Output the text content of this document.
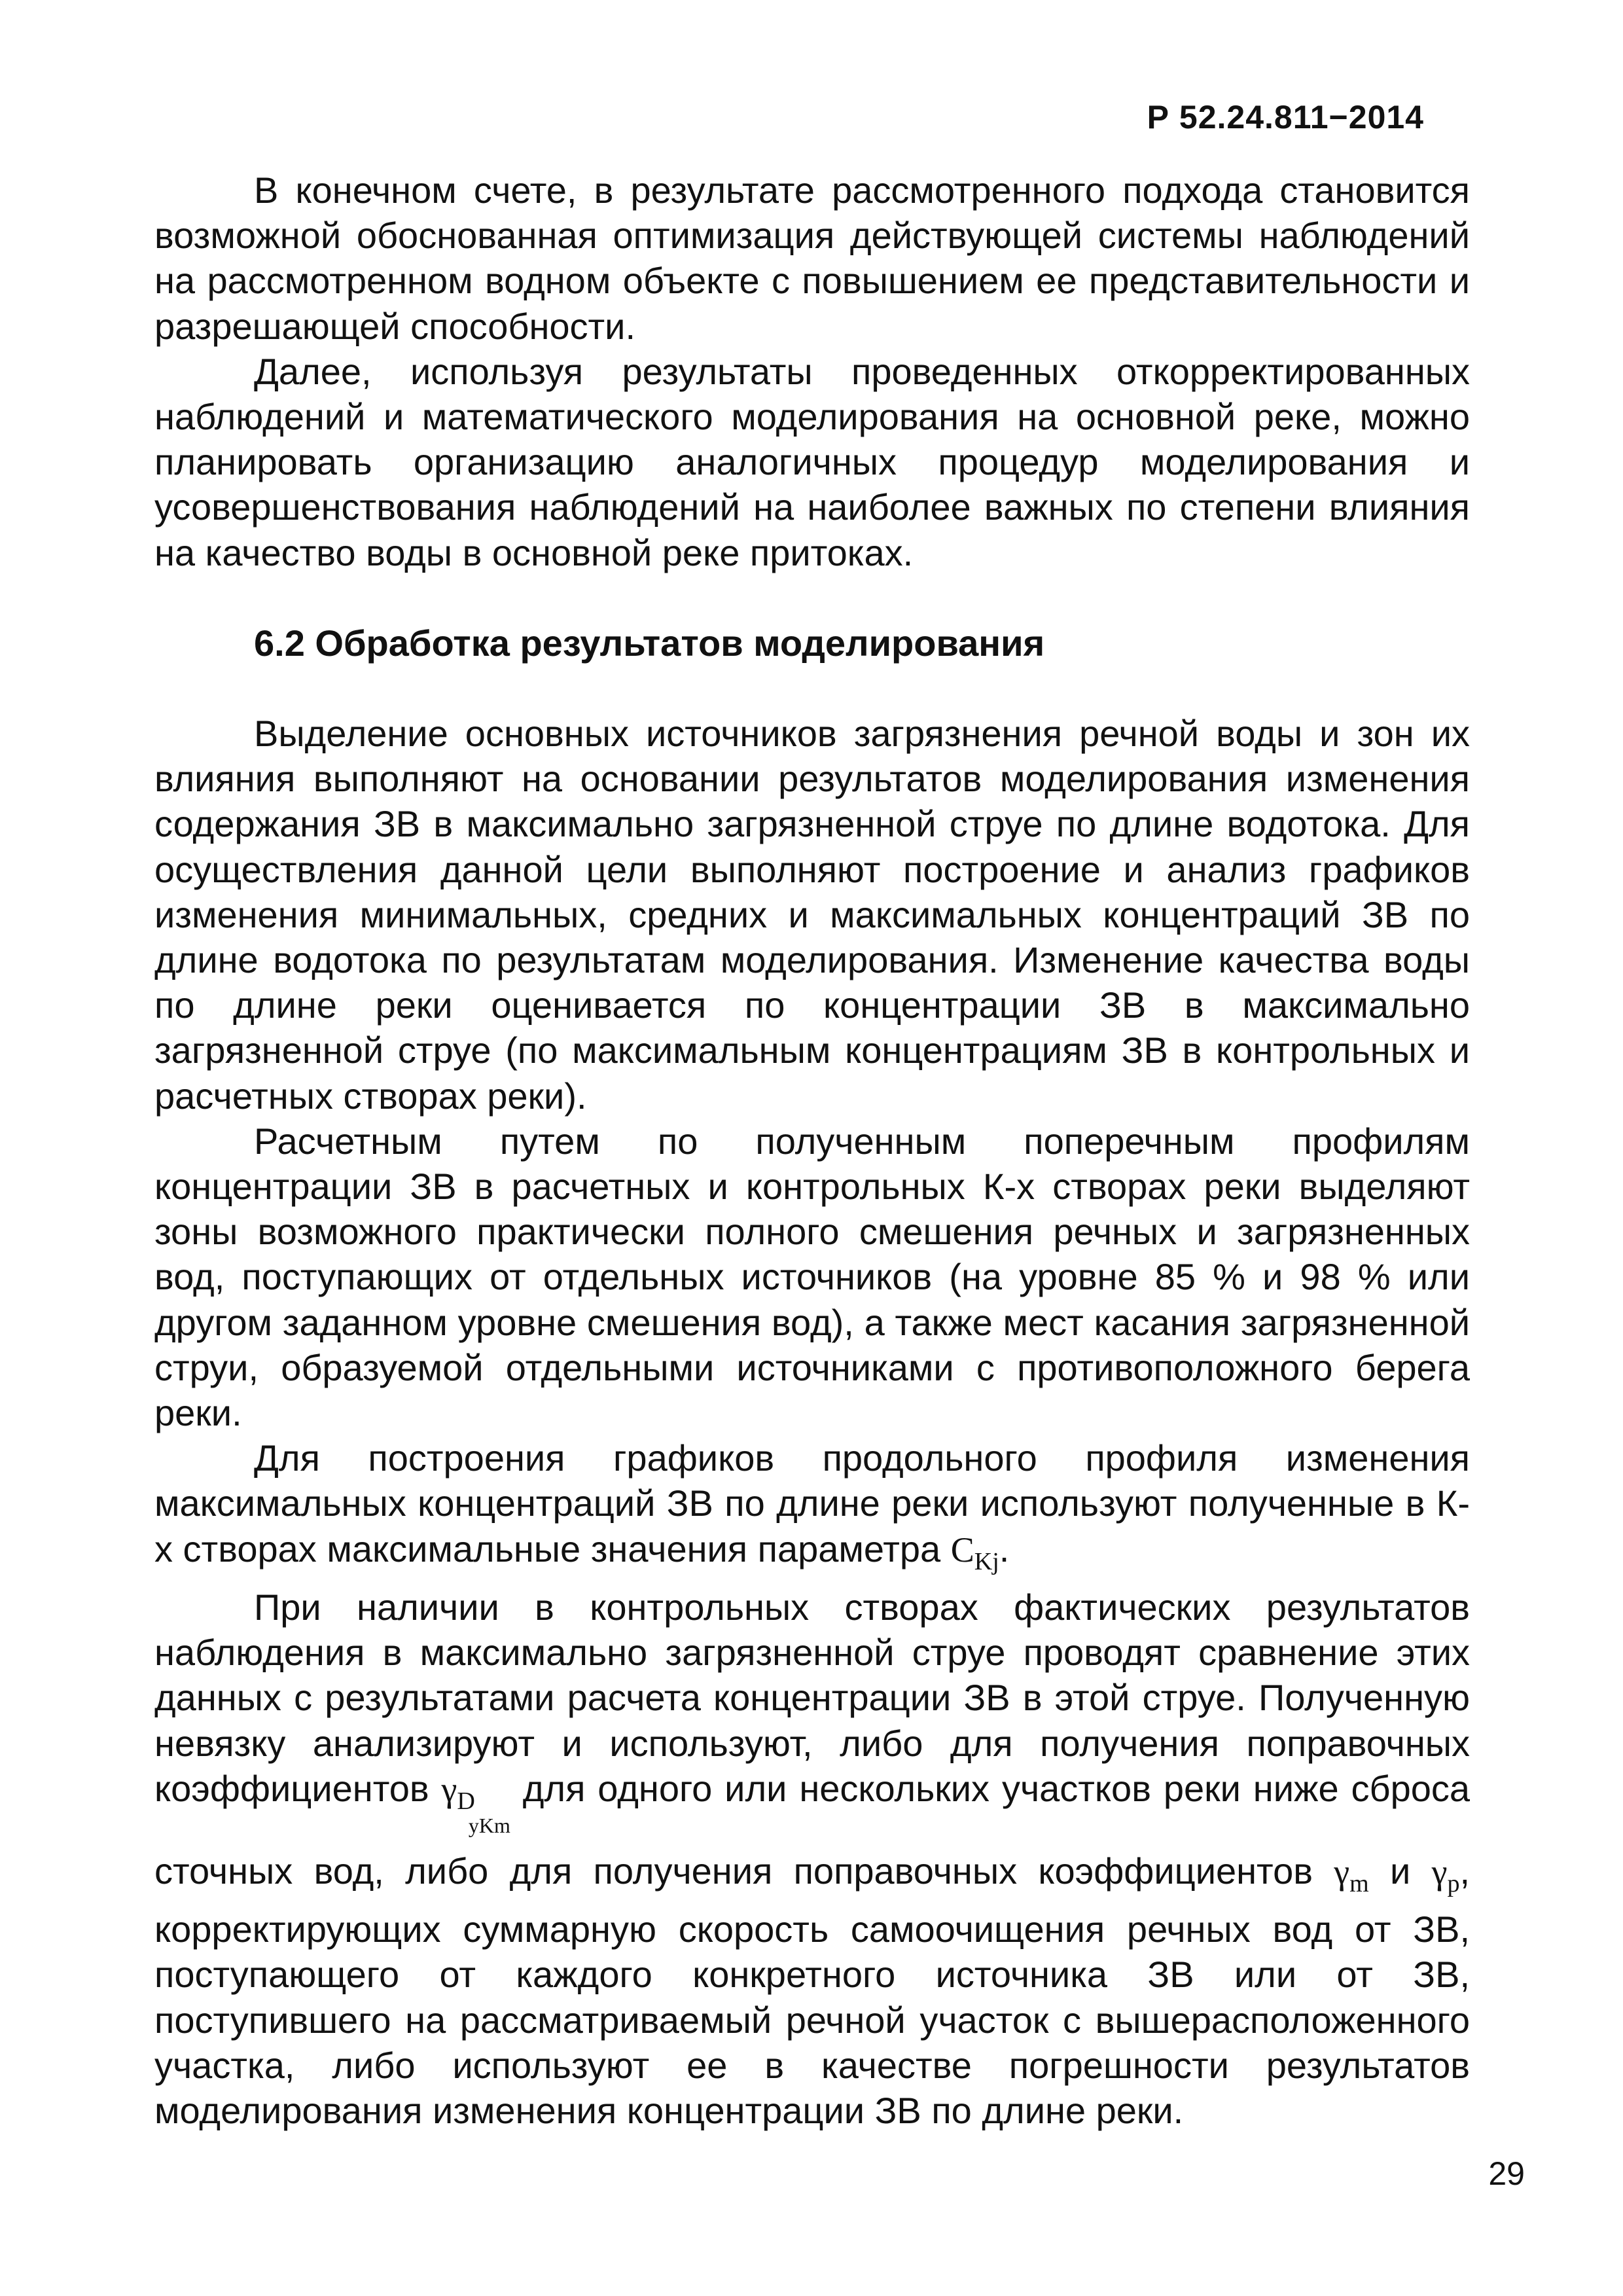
Р 52.24.811−2014

В конечном счете, в результате рассмотренного подхода становится возможной обоснованная оптимизация действующей системы наблюдений на рассмотренном водном объекте с повышением ее представительности и разрешающей способности.

Далее, используя результаты проведенных откорректированных наблюдений и математического моделирования на основной реке, можно планировать организацию аналогичных процедур моделирования и усовершенствования наблюдений на наиболее важных по степени влияния на качество воды в основной реке притоках.

6.2 Обработка результатов моделирования

Выделение основных источников загрязнения речной воды и зон их влияния выполняют на основании результатов моделирования изменения содержания ЗВ в максимально загрязненной струе по длине водотока. Для осуществления данной цели выполняют построение и анализ графиков изменения минимальных, средних и максимальных концентраций ЗВ по длине водотока по результатам моделирования. Изменение качества воды по длине реки оценивается по концентрации ЗВ в максимально загрязненной струе (по максимальным концентрациям ЗВ в контрольных и расчетных створах реки).

Расчетным путем по полученным поперечным профилям концентрации ЗВ в расчетных и контрольных К-х створах реки выделяют зоны возможного практически полного смешения речных и загрязненных вод, поступающих от отдельных источников (на уровне 85 % и 98 % или другом заданном уровне смешения вод), а также мест касания загрязненной струи, образуемой отдельными источниками с противоположного берега реки.

Для построения графиков продольного профиля изменения максимальных концентраций ЗВ по длине реки используют полученные в К-х створах максимальные значения параметра $C_{Kj}$.

При наличии в контрольных створах фактических результатов наблюдения в максимально загрязненной струе проводят сравнение этих данных с результатами расчета концентрации ЗВ в этой струе. Полученную невязку анализируют и используют, либо для получения поправочных коэффициентов $\gamma_{DyKm}$ для одного или нескольких участков реки ниже сброса сточных вод, либо для получения поправочных коэффициентов $\gamma_m$ и $\gamma_p$, корректирующих суммарную скорость самоочищения речных вод от ЗВ, поступающего от каждого конкретного источника ЗВ или от ЗВ, поступившего на рассматриваемый речной участок с вышерасположенного участка, либо используют ее в качестве погрешности результатов моделирования изменения концентрации ЗВ по длине реки.

29
